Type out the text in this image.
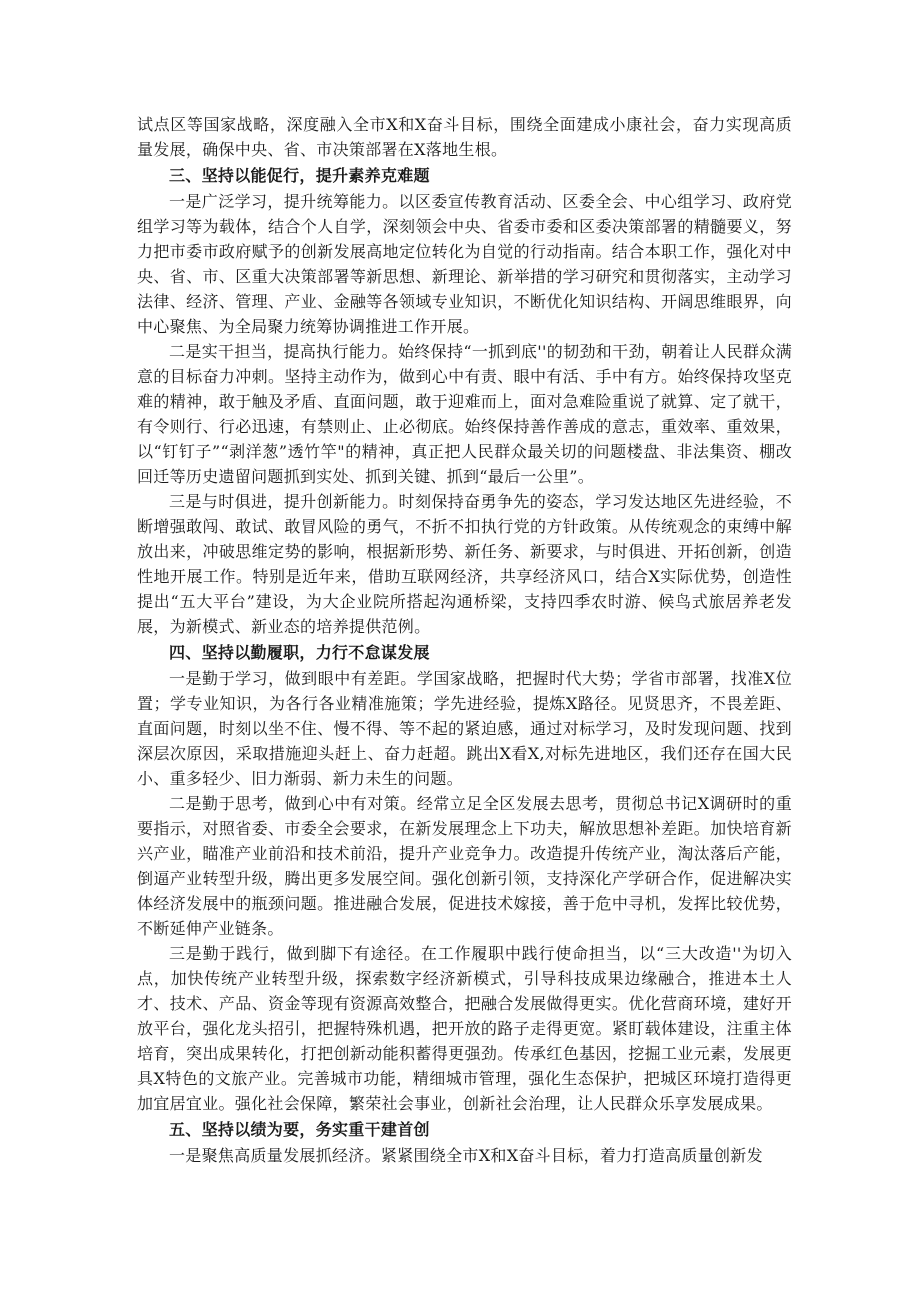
试点区等国家战略，深度融入全市X和X奋斗目标，围绕全面建成小康社会，奋力实现高质量发展，确保中央、省、市决策部署在X落地生根。

三、坚持以能促行，提升素养克难题

一是广泛学习，提升统筹能力。以区委宣传教育活动、区委全会、中心组学习、政府党组学习等为载体，结合个人自学，深刻领会中央、省委市委和区委决策部署的精髓要义，努力把市委市政府赋予的创新发展高地定位转化为自觉的行动指南。结合本职工作，强化对中央、省、市、区重大决策部署等新思想、新理论、新举措的学习研究和贯彻落实，主动学习法律、经济、管理、产业、金融等各领域专业知识，不断优化知识结构、开阔思维眼界，向中心聚焦、为全局聚力统筹协调推进工作开展。

二是实干担当，提高执行能力。始终保持“一抓到底''的韧劲和干劲，朝着让人民群众满意的目标奋力冲刺。坚持主动作为，做到心中有责、眼中有活、手中有方。始终保持攻坚克难的精神，敢于触及矛盾、直面问题，敢于迎难而上，面对急难险重说了就算、定了就干，有令则行、行必迅速，有禁则止、止必彻底。始终保持善作善成的意志，重效率、重效果，以“钉钉子”“剥洋葱”透竹竿"的精神，真正把人民群众最关切的问题楼盘、非法集资、棚改回迁等历史遗留问题抓到实处、抓到关键、抓到“最后一公里”。

三是与时俱进，提升创新能力。时刻保持奋勇争先的姿态，学习发达地区先进经验，不断增强敢闯、敢试、敢冒风险的勇气，不折不扣执行党的方针政策。从传统观念的束缚中解放出来，冲破思维定势的影响，根据新形势、新任务、新要求，与时俱进、开拓创新，创造性地开展工作。特别是近年来，借助互联网经济，共享经济风口，结合X实际优势，创造性提出“五大平台”建设，为大企业院所搭起沟通桥梁，支持四季农时游、候鸟式旅居养老发展，为新模式、新业态的培养提供范例。

四、坚持以勤履职，力行不怠谋发展

一是勤于学习，做到眼中有差距。学国家战略，把握时代大势；学省市部署，找准X位置；学专业知识，为各行各业精准施策；学先进经验，提炼X路径。见贤思齐，不畏差距、直面问题，时刻以坐不住、慢不得、等不起的紧迫感，通过对标学习，及时发现问题、找到深层次原因，采取措施迎头赶上、奋力赶超。跳出X看X,对标先进地区，我们还存在国大民小、重多轻少、旧力渐弱、新力未生的问题。

二是勤于思考，做到心中有对策。经常立足全区发展去思考，贯彻总书记X调研时的重要指示，对照省委、市委全会要求，在新发展理念上下功夫，解放思想补差距。加快培育新兴产业，瞄准产业前沿和技术前沿，提升产业竞争力。改造提升传统产业，淘汰落后产能，倒逼产业转型升级，腾出更多发展空间。强化创新引领，支持深化产学研合作，促进解决实体经济发展中的瓶颈问题。推进融合发展，促进技术嫁接，善于危中寻机，发挥比较优势，不断延伸产业链条。

三是勤于践行，做到脚下有途径。在工作履职中践行使命担当，以“三大改造''为切入点，加快传统产业转型升级，探索数字经济新模式，引导科技成果边缘融合，推进本土人才、技术、产品、资金等现有资源高效整合，把融合发展做得更实。优化营商环境，建好开放平台，强化龙头招引，把握特殊机遇，把开放的路子走得更宽。紧盯载体建设，注重主体培育，突出成果转化，打把创新动能积蓄得更强劲。传承红色基因，挖掘工业元素，发展更具X特色的文旅产业。完善城市功能，精细城市管理，强化生态保护，把城区环境打造得更加宜居宜业。强化社会保障，繁荣社会事业，创新社会治理，让人民群众乐享发展成果。

五、坚持以绩为要，务实重干建首创

一是聚焦高质量发展抓经济。紧紧围绕全市X和X奋斗目标，着力打造高质量创新发
